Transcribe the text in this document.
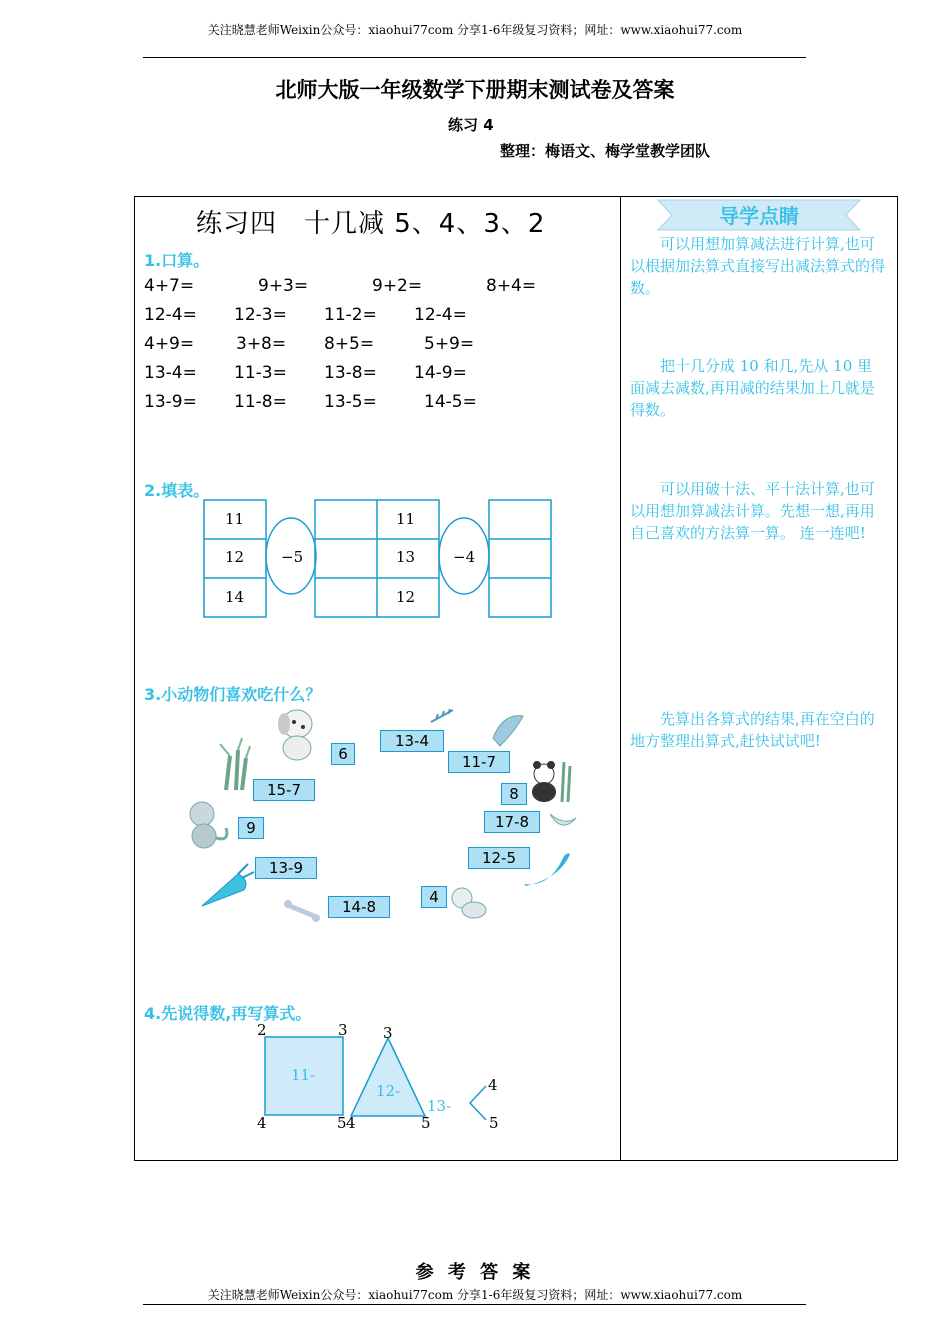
关注晓慧老师Weixin公众号：xiaohui77com 分享1-6年级复习资料；网址：www.xiaohui77.com
北师大版一年级数学下册期末测试卷及答案
练习 4
整理：梅语文、梅学堂教学团队
练习四　十几减 5、4、3、2	导学点睛
可以用想加算减法进行计算,也可以根据加法算式直接写出减法算式的得数。
把十几分成 10 和几,先从 10 里面减去减数,再用减的结果加上几就是得数。
可以用破十法、平十法计算,也可以用想加算减法计算。先想一想,再用自己喜欢的方法算一算。 连一连吧!
先算出各算式的结果,再在空白的地方整理出算式,赶快试试吧!
1.口算。
4+7=	9+3=	9+2=	8+4=
12-4= 12-3= 11-2= 12-4=
4+9= 3+8= 8+5=	5+9=
13-4= 11-3= 13-8= 14-9=
13-9= 11-8= 13-5=	14-5=
2.填表。
11
12
14
−5
11
13
12
−4
3.小动物们喜欢吃什么？
6
13-4
11-7
15-7	8
9	17-8
13-9
12-5
4
14-8
4.先说得数,再写算式。
2	3
4	5
11-
3
4	5
12-
13-
4
5
参 考 答 案
关注晓慧老师Weixin公众号：xiaohui77com 分享1-6年级复习资料；网址：www.xiaohui77.com
